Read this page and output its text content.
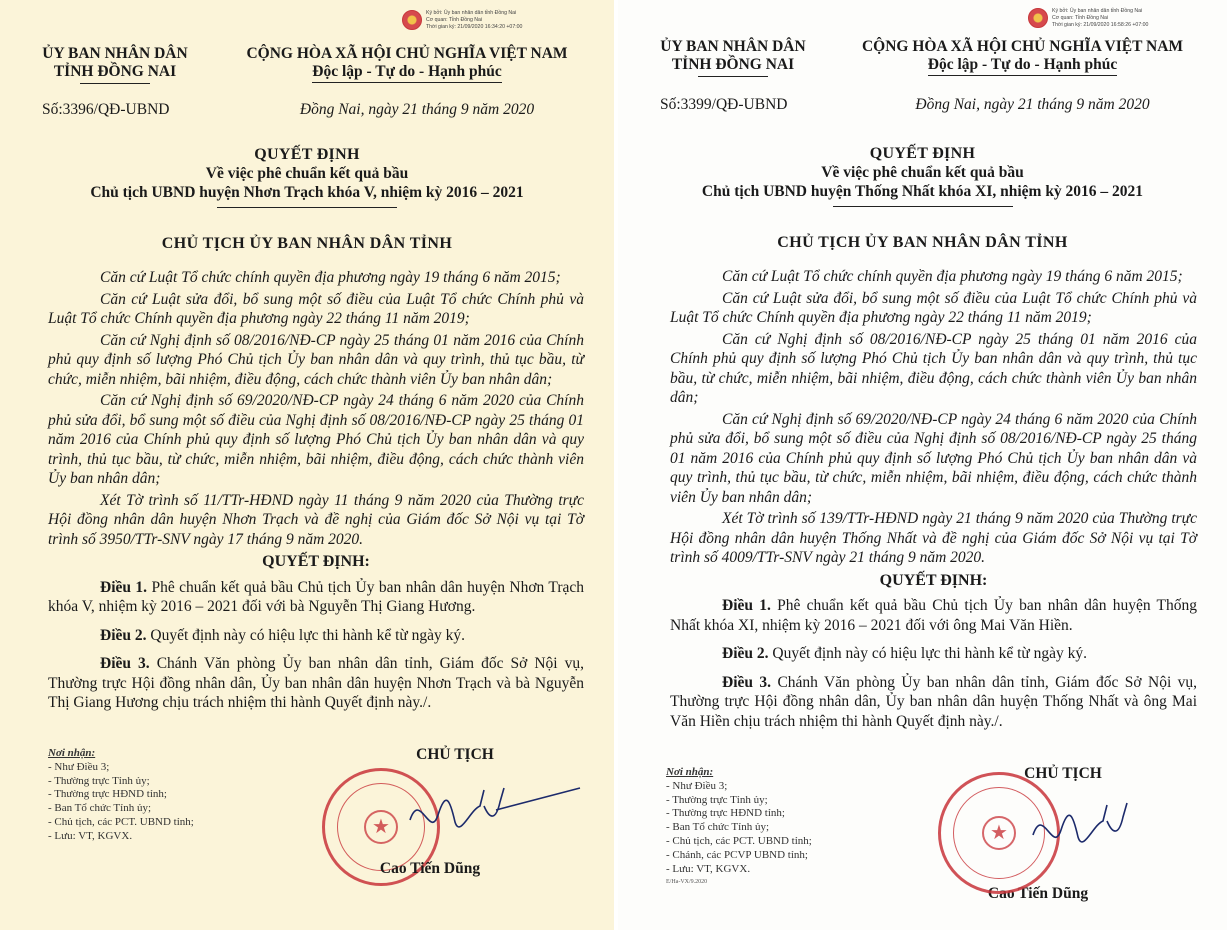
Ký bởi: Ủy ban nhân dân tỉnh Đồng Nai
Cơ quan: Tỉnh Đồng Nai
Thời gian ký: 21/09/2020 16:34:20 +07:00
ỦY BAN NHÂN DÂN
TỈNH ĐỒNG NAI
CỘNG HÒA XÃ HỘI CHỦ NGHĨA VIỆT NAM
Độc lập - Tự do - Hạnh phúc
Số:3396/QĐ-UBND	Đồng Nai, ngày 21 tháng 9 năm 2020
QUYẾT ĐỊNH
Về việc phê chuẩn kết quả bầu
Chủ tịch UBND huyện Nhơn Trạch khóa V, nhiệm kỳ 2016 – 2021
CHỦ TỊCH ỦY BAN NHÂN DÂN TỈNH

Căn cứ Luật Tổ chức chính quyền địa phương ngày 19 tháng 6 năm 2015;

Căn cứ Luật sửa đổi, bổ sung một số điều của Luật Tổ chức Chính phủ và Luật Tổ chức Chính quyền địa phương ngày 22 tháng 11 năm 2019;

Căn cứ Nghị định số 08/2016/NĐ-CP ngày 25 tháng 01 năm 2016 của Chính phủ quy định số lượng Phó Chủ tịch Ủy ban nhân dân và quy trình, thủ tục bầu, từ chức, miễn nhiệm, bãi nhiệm, điều động, cách chức thành viên Ủy ban nhân dân;

Căn cứ Nghị định số 69/2020/NĐ-CP ngày 24 tháng 6 năm 2020 của Chính phủ sửa đổi, bổ sung một số điều của Nghị định số 08/2016/NĐ-CP ngày 25 tháng 01 năm 2016 của Chính phủ quy định số lượng Phó Chủ tịch Ủy ban nhân dân và quy trình, thủ tục bầu, từ chức, miễn nhiệm, bãi nhiệm, điều động, cách chức thành viên Ủy ban nhân dân;

Xét Tờ trình số 11/TTr-HĐND ngày 11 tháng 9 năm 2020 của Thường trực Hội đồng nhân dân huyện Nhơn Trạch và đề nghị của Giám đốc Sở Nội vụ tại Tờ trình số 3950/TTr-SNV ngày 17 tháng 9 năm 2020.

QUYẾT ĐỊNH:

Điều 1. Phê chuẩn kết quả bầu Chủ tịch Ủy ban nhân dân huyện Nhơn Trạch khóa V, nhiệm kỳ 2016 – 2021 đối với bà Nguyễn Thị Giang Hương.

Điều 2. Quyết định này có hiệu lực thi hành kể từ ngày ký.

Điều 3. Chánh Văn phòng Ủy ban nhân dân tỉnh, Giám đốc Sở Nội vụ, Thường trực Hội đồng nhân dân, Ủy ban nhân dân huyện Nhơn Trạch và bà Nguyễn Thị Giang Hương chịu trách nhiệm thi hành Quyết định này./.

Nơi nhận:
- Như Điều 3;
- Thường trực Tỉnh ủy;
- Thường trực HĐND tỉnh;
- Ban Tổ chức Tỉnh ủy;
- Chủ tịch, các PCT. UBND tỉnh;
- Lưu: VT, KGVX.
★
CHỦ TỊCH
Cao Tiến Dũng
Ký bởi: Ủy ban nhân dân tỉnh Đồng Nai
Cơ quan: Tỉnh Đồng Nai
Thời gian ký: 21/09/2020 16:58:26 +07:00
ỦY BAN NHÂN DÂN
TỈNH ĐỒNG NAI
CỘNG HÒA XÃ HỘI CHỦ NGHĨA VIỆT NAM
Độc lập - Tự do - Hạnh phúc
Số:3399/QĐ-UBND	Đồng Nai, ngày 21 tháng 9 năm 2020
QUYẾT ĐỊNH
Về việc phê chuẩn kết quả bầu
Chủ tịch UBND huyện Thống Nhất khóa XI, nhiệm kỳ 2016 – 2021
CHỦ TỊCH ỦY BAN NHÂN DÂN TỈNH

Căn cứ Luật Tổ chức chính quyền địa phương ngày 19 tháng 6 năm 2015;

Căn cứ Luật sửa đổi, bổ sung một số điều của Luật Tổ chức Chính phủ và Luật Tổ chức Chính quyền địa phương ngày 22 tháng 11 năm 2019;

Căn cứ Nghị định số 08/2016/NĐ-CP ngày 25 tháng 01 năm 2016 của Chính phủ quy định số lượng Phó Chủ tịch Ủy ban nhân dân và quy trình, thủ tục bầu, từ chức, miễn nhiệm, bãi nhiệm, điều động, cách chức thành viên Ủy ban nhân dân;

Căn cứ Nghị định số 69/2020/NĐ-CP ngày 24 tháng 6 năm 2020 của Chính phủ sửa đổi, bổ sung một số điều của Nghị định số 08/2016/NĐ-CP ngày 25 tháng 01 năm 2016 của Chính phủ quy định số lượng Phó Chủ tịch Ủy ban nhân dân và quy trình, thủ tục bầu, từ chức, miễn nhiệm, bãi nhiệm, điều động, cách chức thành viên Ủy ban nhân dân;

Xét Tờ trình số 139/TTr-HĐND ngày 21 tháng 9 năm 2020 của Thường trực Hội đồng nhân dân huyện Thống Nhất và đề nghị của Giám đốc Sở Nội vụ tại Tờ trình số 4009/TTr-SNV ngày 21 tháng 9 năm 2020.

QUYẾT ĐỊNH:

Điều 1. Phê chuẩn kết quả bầu Chủ tịch Ủy ban nhân dân huyện Thống Nhất khóa XI, nhiệm kỳ 2016 – 2021 đối với ông Mai Văn Hiền.

Điều 2. Quyết định này có hiệu lực thi hành kể từ ngày ký.

Điều 3. Chánh Văn phòng Ủy ban nhân dân tỉnh, Giám đốc Sở Nội vụ, Thường trực Hội đồng nhân dân, Ủy ban nhân dân huyện Thống Nhất và ông Mai Văn Hiền chịu trách nhiệm thi hành Quyết định này./.

Nơi nhận:
- Như Điều 3;
- Thường trực Tỉnh ủy;
- Thường trực HĐND tỉnh;
- Ban Tổ chức Tỉnh ủy;
- Chủ tịch, các PCT. UBND tỉnh;
- Chánh, các PCVP UBND tỉnh;
- Lưu: VT, KGVX.
E/Ha-VX/9.2020
CHỦ TỊCH
Cao Tiến Dũng
★
